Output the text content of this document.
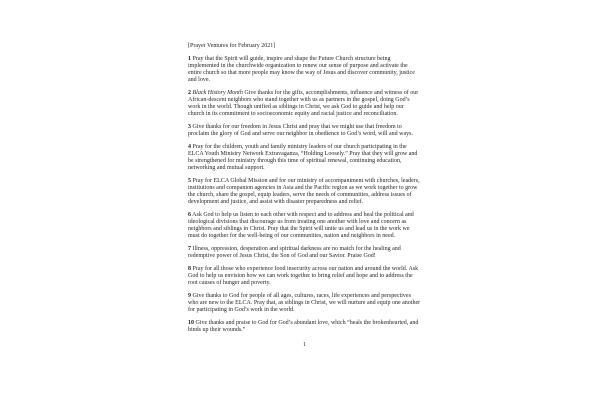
[Prayer Ventures for February 2021]

1 Pray that the Spirit will guide, inspire and shape the Future Church structure being implemented in the churchwide organization to renew our sense of purpose and activate the entire church so that more people may know the way of Jesus and discover community, justice and love.

2 Black History Month Give thanks for the gifts, accomplishments, influence and witness of our African-descent neighbors who stand together with us as partners in the gospel, doing God’s work in the world. Though unified as siblings in Christ, we ask God to guide and help our church in its commitment to socioeconomic equity and racial justice and reconciliation.

3 Give thanks for our freedom in Jesus Christ and pray that we might use that freedom to proclaim the glory of God and serve our neighbor in obedience to God’s word, will and ways.

4 Pray for the children, youth and family ministry leaders of our church participating in the ELCA Youth Ministry Network Extravaganza, “Holding Loosely.” Pray that they will grow and be strengthened for ministry through this time of spiritual renewal, continuing education, networking and mutual support.

5 Pray for ELCA Global Mission and for our ministry of accompaniment with churches, leaders, institutions and companion agencies in Asia and the Pacific region as we work together to grow the church, share the gospel, equip leaders, serve the needs of communities, address issues of development and justice, and assist with disaster preparedness and relief.

6 Ask God to help us listen to each other with respect and to address and heal the political and ideological divisions that discourage us from treating one another with love and concern as neighbors and siblings in Christ. Pray that the Spirit will unite us and lead us in the work we must do together for the well-being of our communities, nation and neighbors in need.

7 Illness, oppression, desperation and spiritual darkness are no match for the healing and redemptive power of Jesus Christ, the Son of God and our Savior. Praise God!

8 Pray for all those who experience food insecurity across our nation and around the world. Ask God to help us envision how we can work together to bring relief and hope and to address the root causes of hunger and poverty.

9 Give thanks to God for people of all ages, cultures, races, life experiences and perspectives who are new to the ELCA. Pray that, as siblings in Christ, we will nurture and equip one another for participating in God’s work in the world.

10 Give thanks and praise to God for God’s abundant love, which “heals the brokenhearted, and binds up their wounds.”

1
